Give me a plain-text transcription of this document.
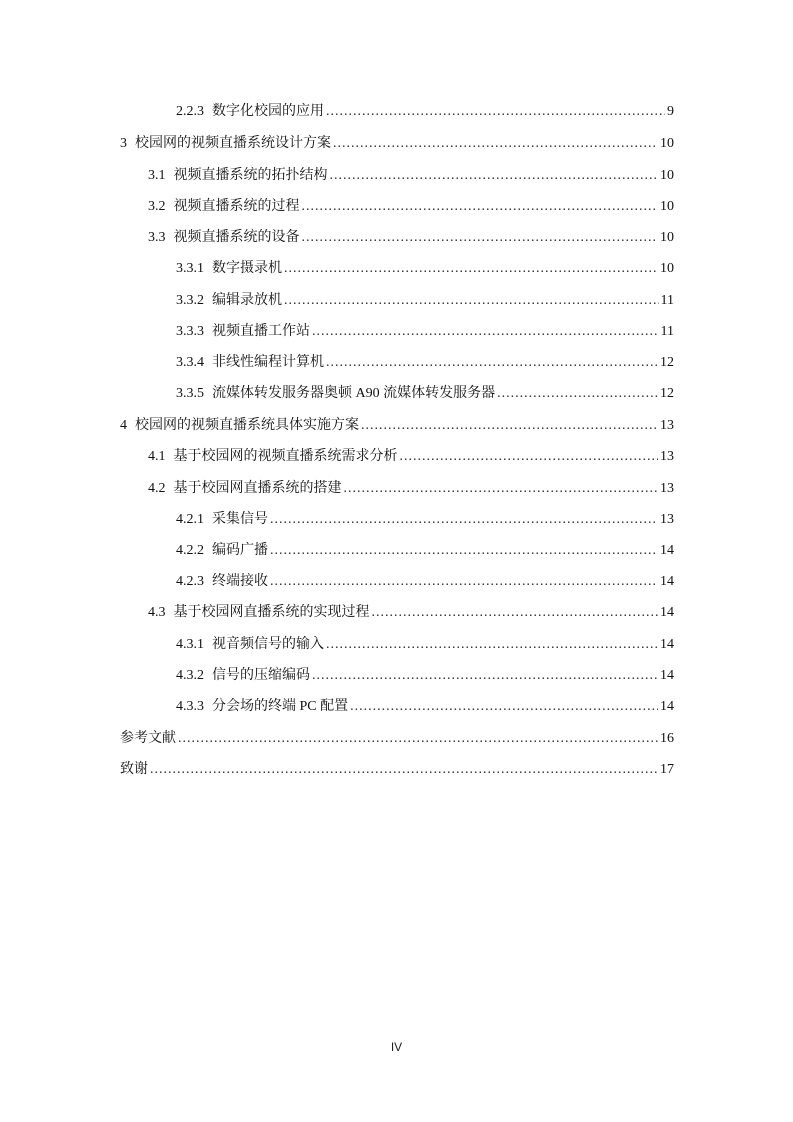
2.2.3 数字化校园的应用 .....	9
3 校园网的视频直播系统设计方案 .....	10
3.1 视频直播系统的拓扑结构 .....	10
3.2 视频直播系统的过程 .....	10
3.3 视频直播系统的设备 .....	10
3.3.1 数字摄录机 .....	10
3.3.2 编辑录放机 .....	11
3.3.3 视频直播工作站 .....	11
3.3.4 非线性编程计算机 .....	12
3.3.5 流媒体转发服务器奥顿 A90 流媒体转发服务器 .....	12
4 校园网的视频直播系统具体实施方案 .....	13
4.1 基于校园网的视频直播系统需求分析 .....	13
4.2 基于校园网直播系统的搭建 .....	13
4.2.1 采集信号 .....	13
4.2.2 编码广播 .....	14
4.2.3 终端接收 .....	14
4.3 基于校园网直播系统的实现过程 .....	14
4.3.1 视音频信号的输入 .....	14
4.3.2 信号的压缩编码 .....	14
4.3.3 分会场的终端 PC 配置 .....	14
参考文献 .....	16
致谢 .....	17
IV
